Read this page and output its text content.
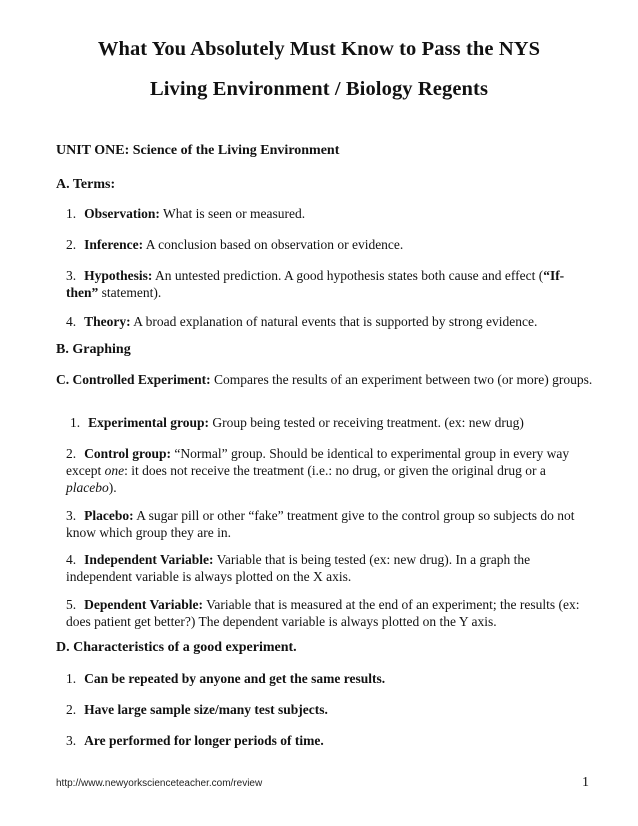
What You Absolutely Must Know to Pass the NYS
Living Environment / Biology Regents
UNIT ONE: Science of the Living Environment
A. Terms:
1. Observation: What is seen or measured.
2. Inference: A conclusion based on observation or evidence.
3. Hypothesis: An untested prediction. A good hypothesis states both cause and effect (“If-then” statement).
4. Theory: A broad explanation of natural events that is supported by strong evidence.
B. Graphing
C. Controlled Experiment: Compares the results of an experiment between two (or more) groups.
1. Experimental group: Group being tested or receiving treatment. (ex: new drug)
2. Control group: “Normal” group. Should be identical to experimental group in every way except one: it does not receive the treatment (i.e.: no drug, or given the original drug or a placebo).
3. Placebo: A sugar pill or other “fake” treatment give to the control group so subjects do not know which group they are in.
4. Independent Variable: Variable that is being tested (ex: new drug). In a graph the independent variable is always plotted on the X axis.
5. Dependent Variable: Variable that is measured at the end of an experiment; the results (ex: does patient get better?) The dependent variable is always plotted on the Y axis.
D. Characteristics of a good experiment.
1. Can be repeated by anyone and get the same results.
2. Have large sample size/many test subjects.
3. Are performed for longer periods of time.
http://www.newyorkscienceteacher.com/review	1
